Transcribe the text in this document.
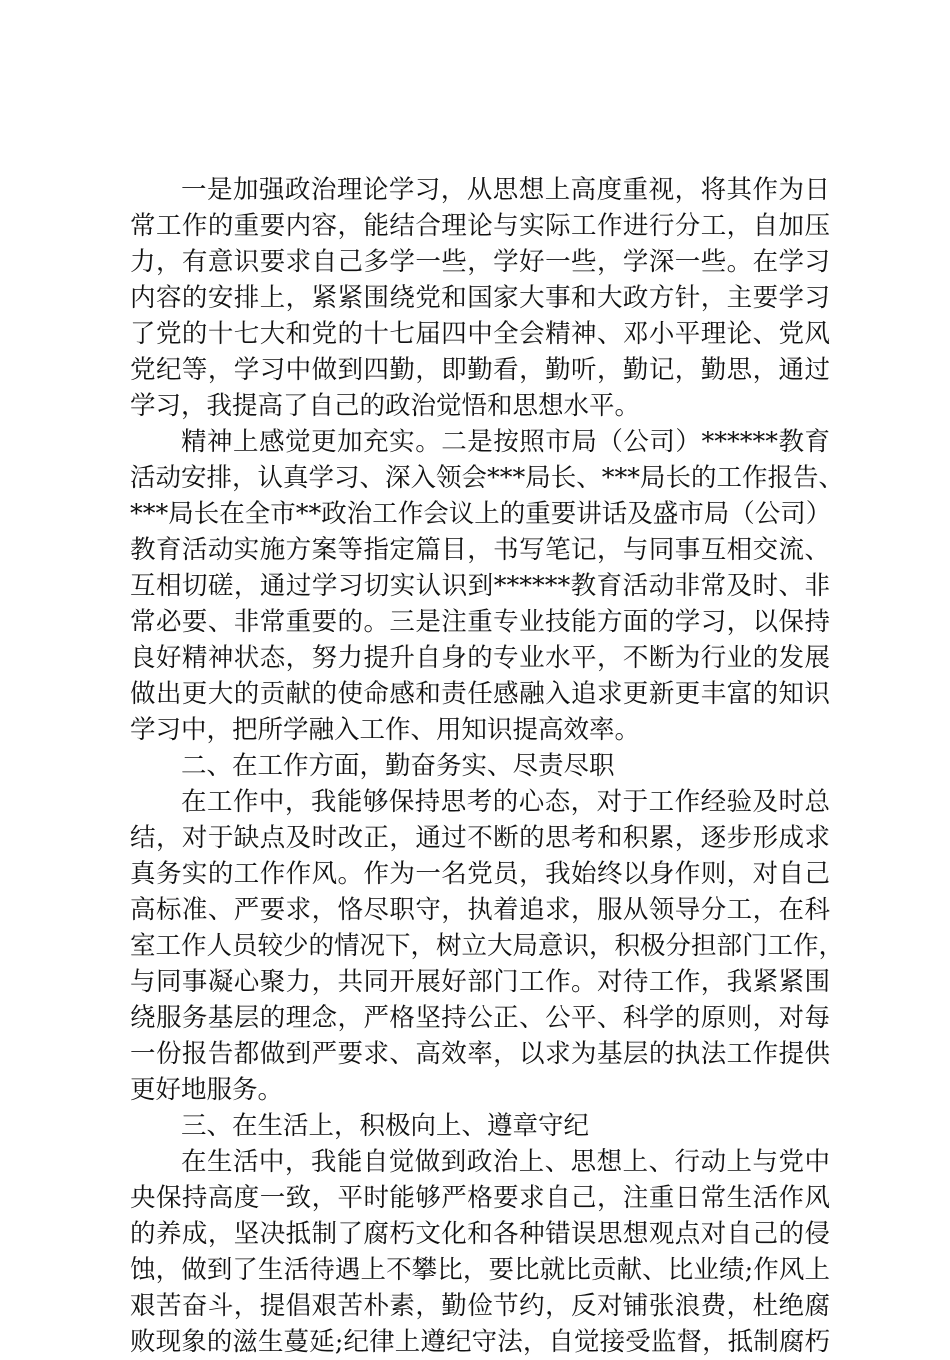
一是加强政治理论学习，从思想上高度重视，将其作为日
常工作的重要内容，能结合理论与实际工作进行分工，自加压
力，有意识要求自己多学一些，学好一些，学深一些。在学习
内容的安排上，紧紧围绕党和国家大事和大政方针，主要学习
了党的十七大和党的十七届四中全会精神、邓小平理论、党风
党纪等，学习中做到四勤，即勤看，勤听，勤记，勤思，通过
学习，我提高了自己的政治觉悟和思想水平。
精神上感觉更加充实。二是按照市局（公司）******教育
活动安排，认真学习、深入领会***局长、***局长的工作报告、
***局长在全市**政治工作会议上的重要讲话及盛市局（公司）
教育活动实施方案等指定篇目，书写笔记，与同事互相交流、
互相切磋，通过学习切实认识到******教育活动非常及时、非
常必要、非常重要的。三是注重专业技能方面的学习，以保持
良好精神状态，努力提升自身的专业水平，不断为行业的发展
做出更大的贡献的使命感和责任感融入追求更新更丰富的知识
学习中，把所学融入工作、用知识提高效率。
二、在工作方面，勤奋务实、尽责尽职
在工作中，我能够保持思考的心态，对于工作经验及时总
结，对于缺点及时改正，通过不断的思考和积累，逐步形成求
真务实的工作作风。作为一名党员，我始终以身作则，对自己
高标准、严要求，恪尽职守，执着追求，服从领导分工，在科
室工作人员较少的情况下，树立大局意识，积极分担部门工作，
与同事凝心聚力，共同开展好部门工作。对待工作，我紧紧围
绕服务基层的理念，严格坚持公正、公平、科学的原则，对每
一份报告都做到严要求、高效率，以求为基层的执法工作提供
更好地服务。
三、在生活上，积极向上、遵章守纪
在生活中，我能自觉做到政治上、思想上、行动上与党中
央保持高度一致，平时能够严格要求自己，注重日常生活作风
的养成，坚决抵制了腐朽文化和各种错误思想观点对自己的侵
蚀，做到了生活待遇上不攀比，要比就比贡献、比业绩;作风上
艰苦奋斗，提倡艰苦朴素，勤俭节约，反对铺张浪费，杜绝腐
败现象的滋生蔓延;纪律上遵纪守法，自觉接受监督，抵制腐朽
